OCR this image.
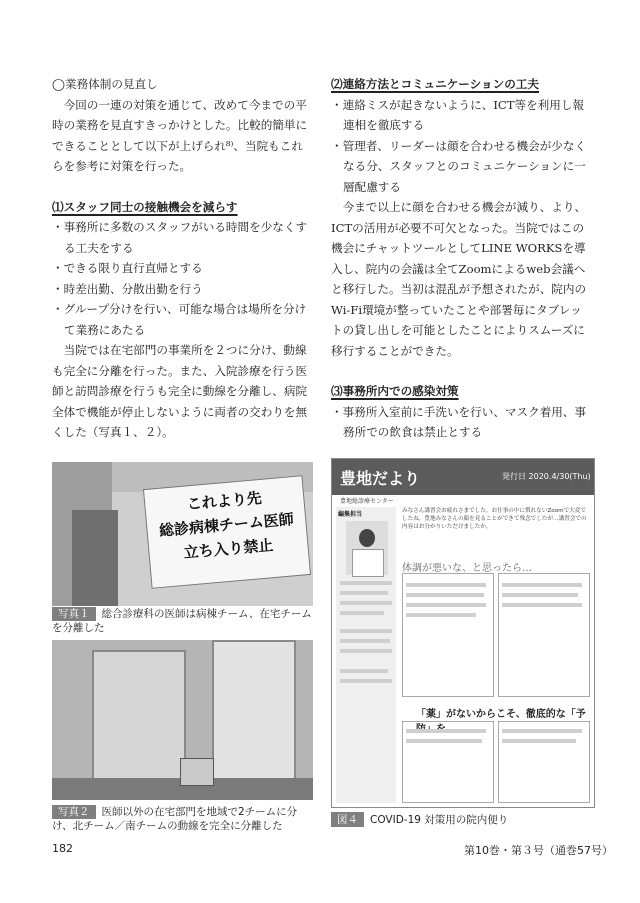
◯業務体制の見直し

今回の一連の対策を通じて、改めて今までの平時の業務を見直すきっかけとした。比較的簡単にできることとして以下が上げられ⁸⁾、当院もこれらを参考に対策を行った。

⑴スタッフ同士の接触機会を減らす

・事務所に多数のスタッフがいる時間を少なくする工夫をする

・できる限り直行直帰とする

・時差出勤、分散出勤を行う

・グループ分けを行い、可能な場合は場所を分けて業務にあたる

当院では在宅部門の事業所を２つに分け、動線も完全に分離を行った。また、入院診療を行う医師と訪問診療を行うも完全に動線を分離し、病院全体で機能が停止しないように両者の交わりを無くした（写真１、２）。

⑵連絡方法とコミュニケーションの工夫

・連絡ミスが起きないように、ICT等を利用し報連相を徹底する

・管理者、リーダーは顔を合わせる機会が少なくなる分、スタッフとのコミュニケーションに一層配慮する

今まで以上に顔を合わせる機会が減り、より、ICTの活用が必要不可欠となった。当院ではこの機会にチャットツールとしてLINE WORKSを導入し、院内の会議は全てZoomによるweb会議へと移行した。当初は混乱が予想されたが、院内のWi-Fi環境が整っていたことや部署毎にタブレットの貸し出しを可能としたことによりスムーズに移行することができた。

⑶事務所内での感染対策

・事務所入室前に手洗いを行い、マスク着用、事務所での飲食は禁止とする

これより先
総診病棟チーム医師
立ち入り禁止
写真１ 総合診療科の医師は病棟チーム、在宅チームを分離した
写真２ 医師以外の在宅部門を地域で2チームに分け、北チーム／南チームの動線を完全に分離した
豊地だより	発行日 2020.4/30(Thu)
豊地総診療センター
編集担当	みなさん講習会お疲れさまでした。お仕事の中に慣れないZoomで大変でしたね。豊地みなさんの顔を見ることができて残念でしたが…講習会での内容はお分かりいただけましたか。
体調が悪いな、と思ったら…
「薬」がないからこそ、徹底的な「予
図４ COVID-19 対策用の院内便り
182	第10巻・第３号（通巻57号）
